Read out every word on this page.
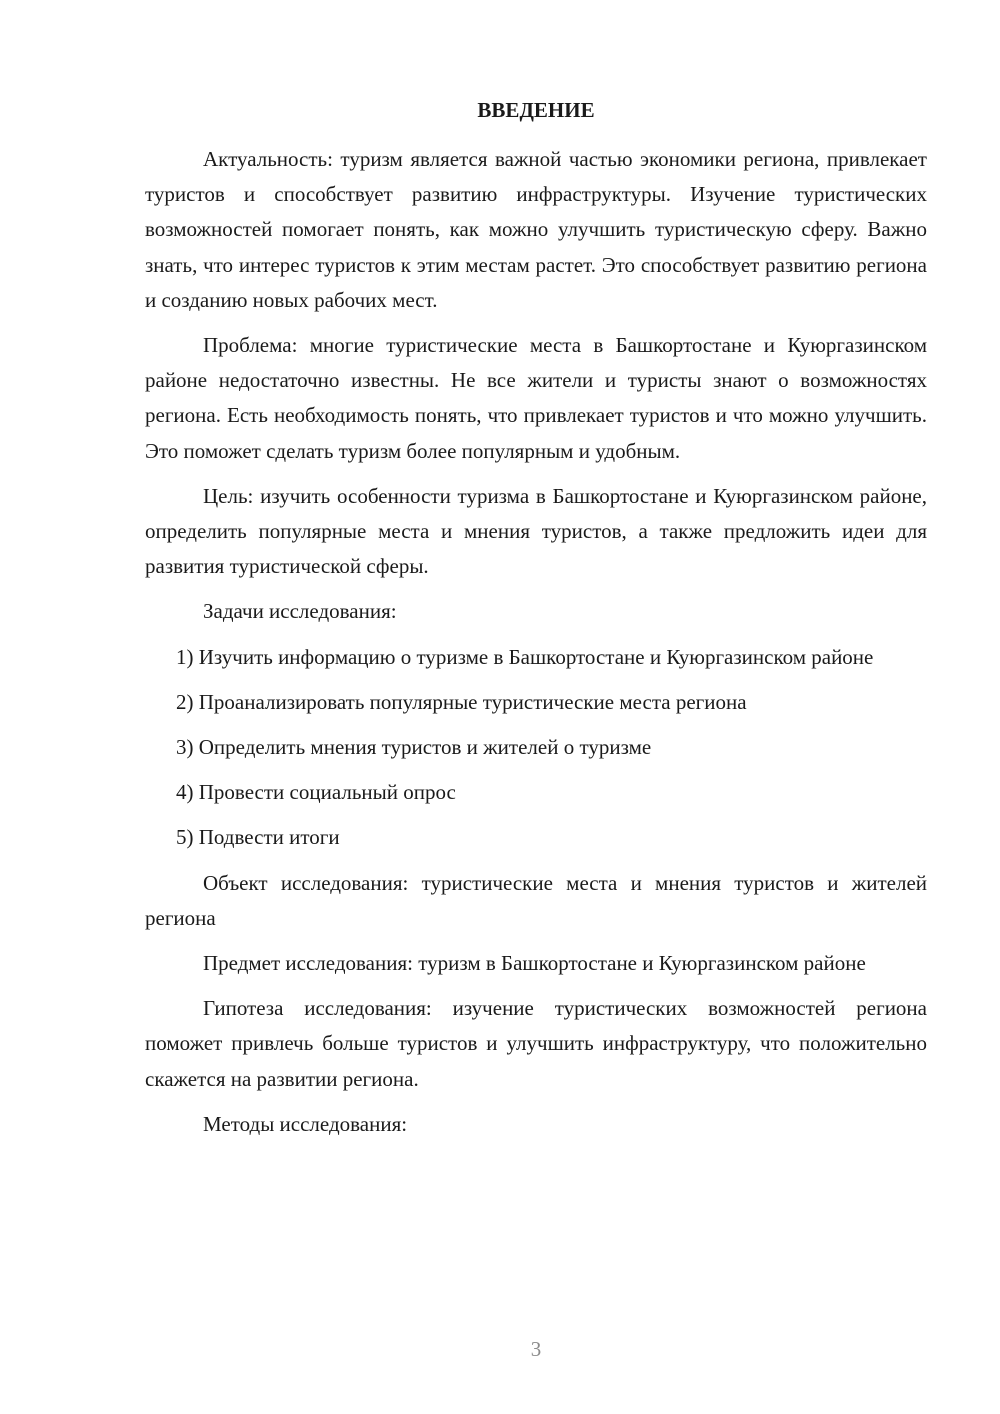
ВВЕДЕНИЕ

Актуальность: туризм является важной частью экономики региона, привлекает туристов и способствует развитию инфраструктуры. Изучение туристических возможностей помогает понять, как можно улучшить туристическую сферу. Важно знать, что интерес туристов к этим местам растет. Это способствует развитию региона и созданию новых рабочих мест.

Проблема: многие туристические места в Башкортостане и Куюргазинском районе недостаточно известны. Не все жители и туристы знают о возможностях региона. Есть необходимость понять, что привлекает туристов и что можно улучшить. Это поможет сделать туризм более популярным и удобным.

Цель: изучить особенности туризма в Башкортостане и Куюргазинском районе, определить популярные места и мнения туристов, а также предложить идеи для развития туристической сферы.

Задачи исследования:

1) Изучить информацию о туризме в Башкортостане и Куюргазинском районе

2) Проанализировать популярные туристические места региона

3) Определить мнения туристов и жителей о туризме

4) Провести социальный опрос

5) Подвести итоги

Объект исследования: туристические места и мнения туристов и жителей региона

Предмет исследования: туризм в Башкортостане и Куюргазинском районе

Гипотеза исследования: изучение туристических возможностей региона поможет привлечь больше туристов и улучшить инфраструктуру, что положительно скажется на развитии региона.

Методы исследования:

3
